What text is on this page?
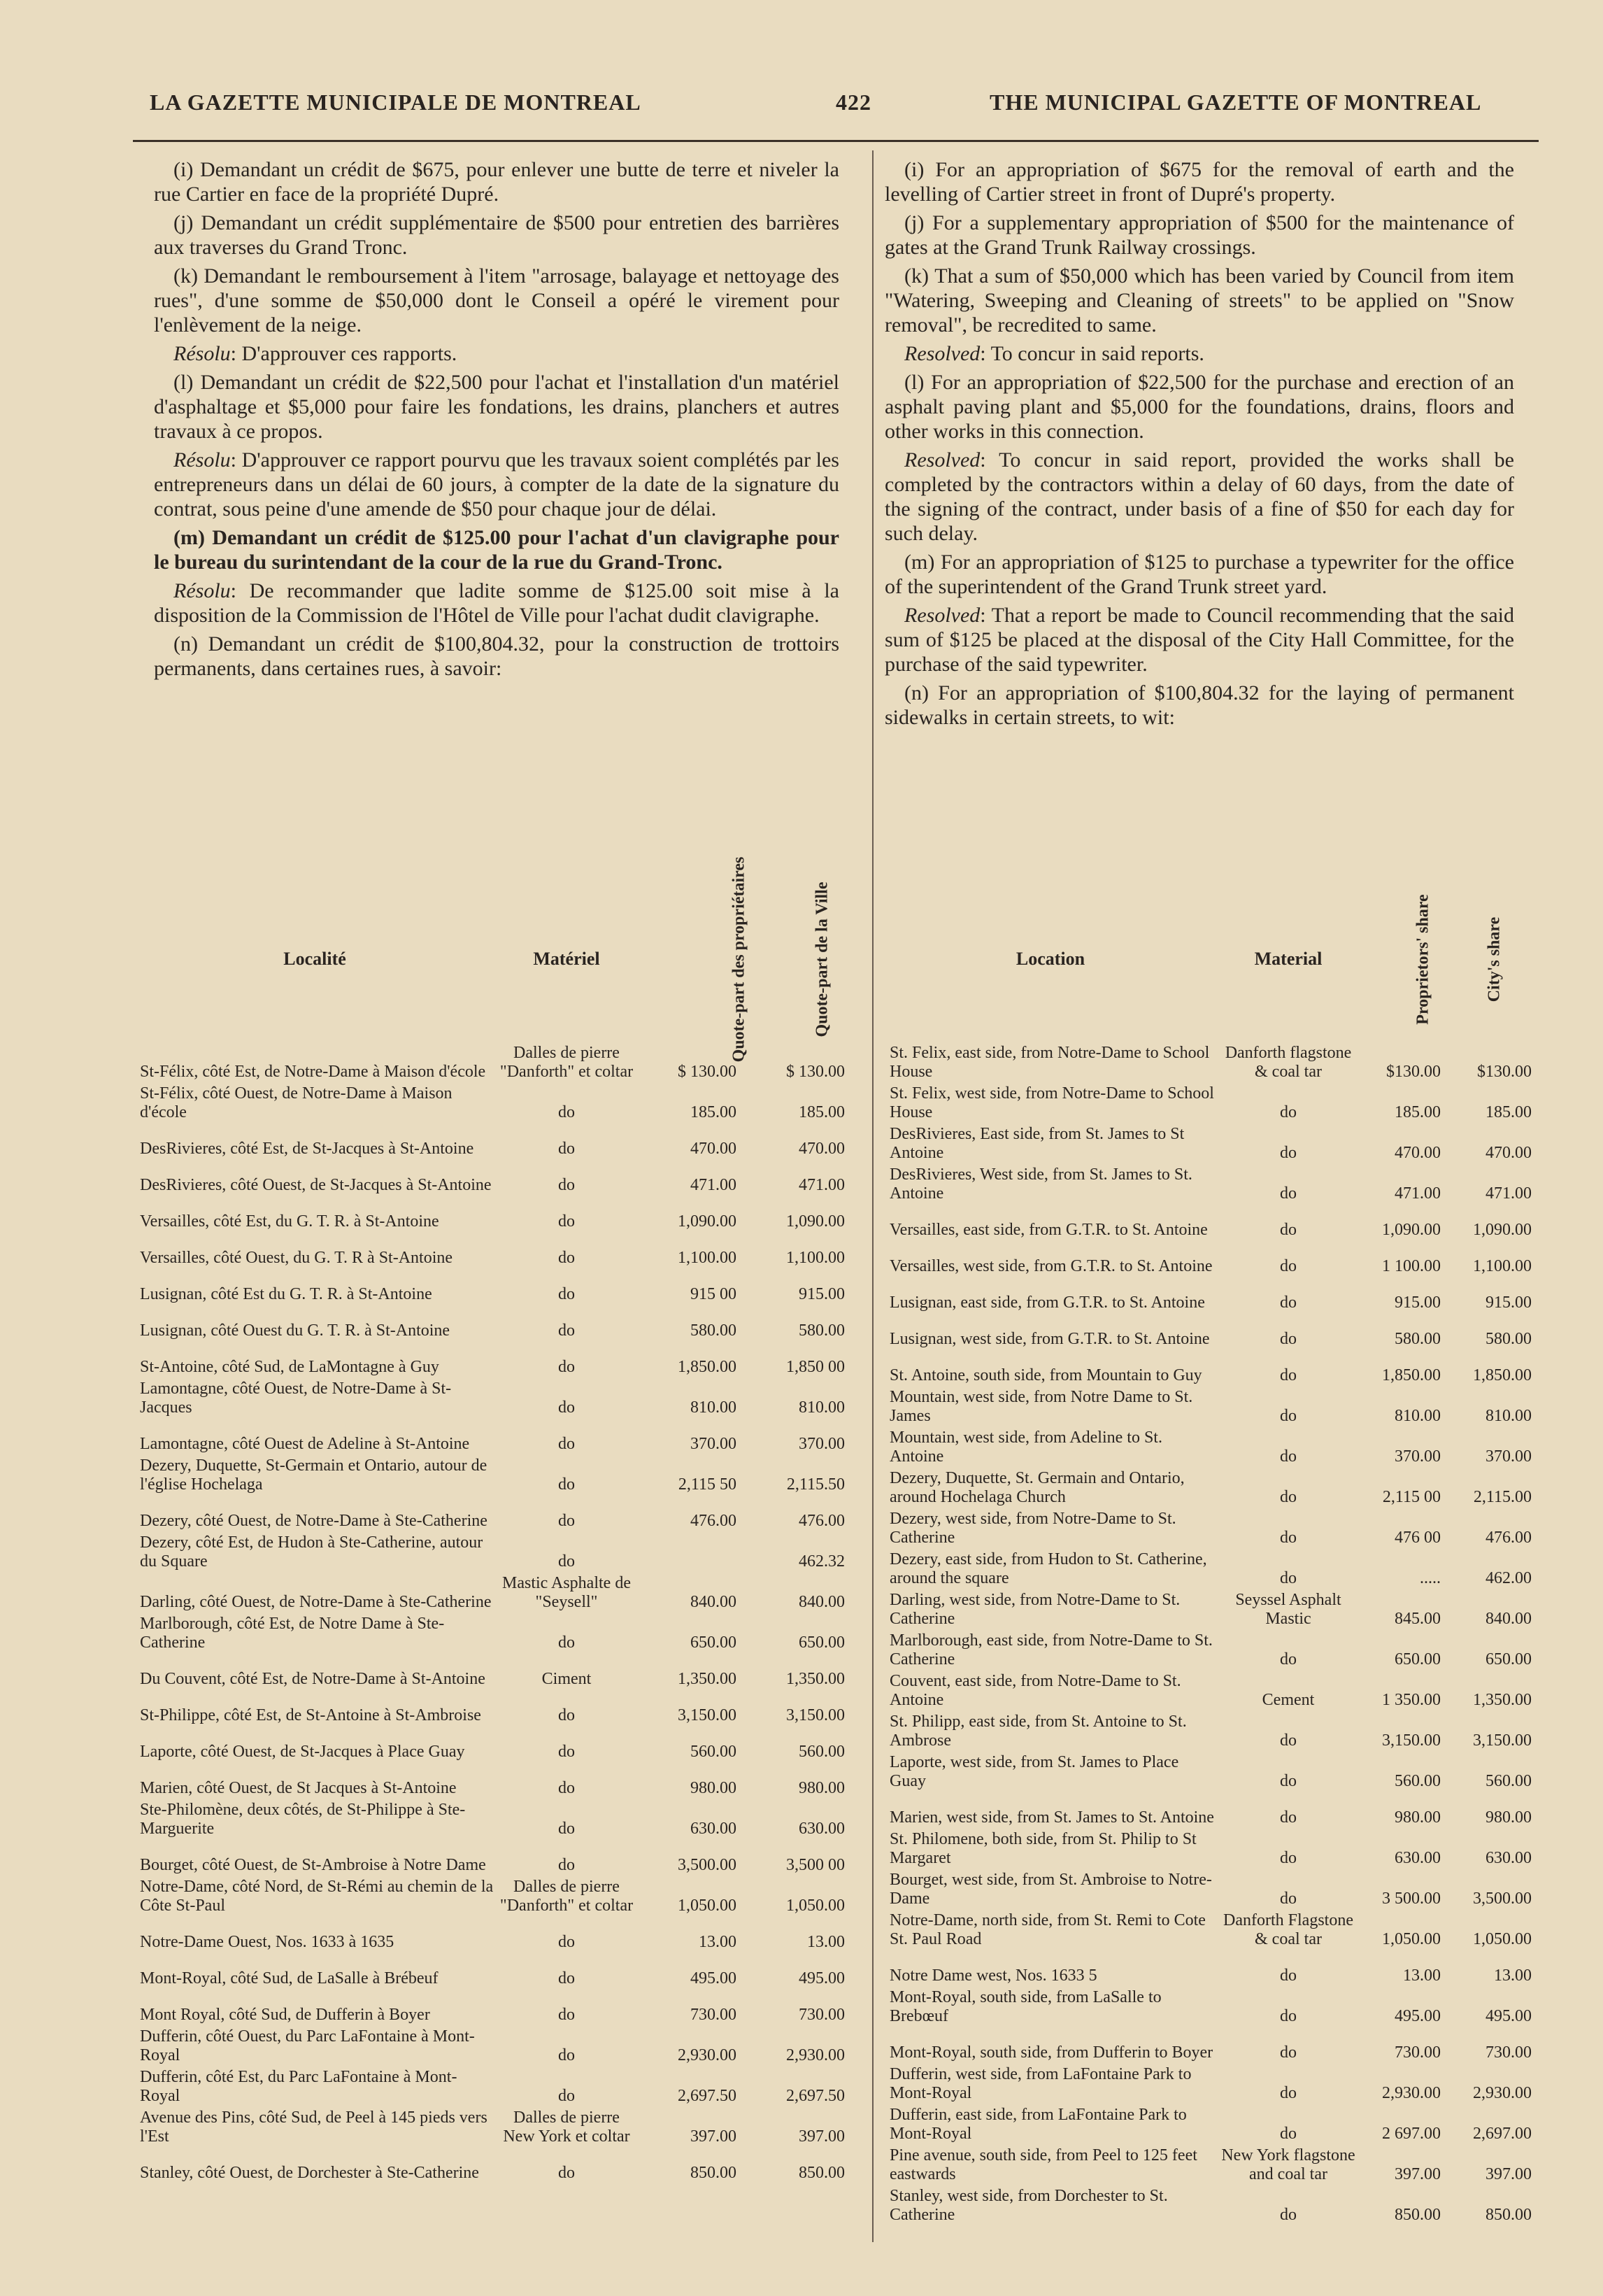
LA GAZETTE MUNICIPALE DE MONTREAL	422	THE MUNICIPAL GAZETTE OF MONTREAL

(i) Demandant un crédit de $675, pour enlever une butte de terre et niveler la rue Cartier en face de la propriété Dupré.

(j) Demandant un crédit supplémentaire de $500 pour entretien des barrières aux traverses du Grand Tronc.

(k) Demandant le remboursement à l'item "arrosage, balayage et nettoyage des rues", d'une somme de $50,000 dont le Conseil a opéré le virement pour l'enlèvement de la neige.

Résolu: D'approuver ces rapports.

(l) Demandant un crédit de $22,500 pour l'achat et l'installation d'un matériel d'asphaltage et $5,000 pour faire les fondations, les drains, planchers et autres travaux à ce propos.

Résolu: D'approuver ce rapport pourvu que les travaux soient complétés par les entrepreneurs dans un délai de 60 jours, à compter de la date de la signature du contrat, sous peine d'une amende de $50 pour chaque jour de délai.

(m) Demandant un crédit de $125.00 pour l'achat d'un clavigraphe pour le bureau du surintendant de la cour de la rue du Grand-Tronc.

Résolu: De recommander que ladite somme de $125.00 soit mise à la disposition de la Commission de l'Hôtel de Ville pour l'achat dudit clavigraphe.

(n) Demandant un crédit de $100,804.32, pour la construction de trottoirs permanents, dans certaines rues, à savoir:

(i) For an appropriation of $675 for the removal of earth and the levelling of Cartier street in front of Dupré's property.

(j) For a supplementary appropriation of $500 for the maintenance of gates at the Grand Trunk Railway crossings.

(k) That a sum of $50,000 which has been varied by Council from item "Watering, Sweeping and Cleaning of streets" to be applied on "Snow removal", be recredited to same.

Resolved: To concur in said reports.

(l) For an appropriation of $22,500 for the purchase and erection of an asphalt paving plant and $5,000 for the foundations, drains, floors and other works in this connection.

Resolved: To concur in said report, provided the works shall be completed by the contractors within a delay of 60 days, from the date of the signing of the contract, under basis of a fine of $50 for each day for such delay.

(m) For an appropriation of $125 to purchase a typewriter for the office of the superintendent of the Grand Trunk street yard.

Resolved: That a report be made to Council recommending that the said sum of $125 be placed at the disposal of the City Hall Committee, for the purchase of the said typewriter.

(n) For an appropriation of $100,804.32 for the laying of permanent sidewalks in certain streets, to wit:

Localité	Matériel	Quote-part des propriétaires	Quote-part de la Ville
St-Félix, côté Est, de Notre-Dame à Maison d'école	Dalles de pierre "Danforth" et coltar	$ 130.00	$ 130.00
St-Félix, côté Ouest, de Notre-Dame à Maison d'école	do	185.00	185.00
DesRivieres, côté Est, de St-Jacques à St-Antoine	do	470.00	470.00
DesRivieres, côté Ouest, de St-Jacques à St-Antoine	do	471.00	471.00
Versailles, côté Est, du G. T. R. à St-Antoine	do	1,090.00	1,090.00
Versailles, côté Ouest, du G. T. R à St-Antoine	do	1,100.00	1,100.00
Lusignan, côté Est du G. T. R. à St-Antoine	do	915 00	915.00
Lusignan, côté Ouest du G. T. R. à St-Antoine	do	580.00	580.00
St-Antoine, côté Sud, de LaMontagne à Guy	do	1,850.00	1,850 00
Lamontagne, côté Ouest, de Notre-Dame à St-Jacques	do	810.00	810.00
Lamontagne, côté Ouest de Adeline à St-Antoine	do	370.00	370.00
Dezery, Duquette, St-Germain et Ontario, autour de l'église Hochelaga	do	2,115 50	2,115.50
Dezery, côté Ouest, de Notre-Dame à Ste-Catherine	do	476.00	476.00
Dezery, côté Est, de Hudon à Ste-Catherine, autour du Square	do		462.32
Darling, côté Ouest, de Notre-Dame à Ste-Catherine	Mastic Asphalte de "Seysell"	840.00	840.00
Marlborough, côté Est, de Notre Dame à Ste-Catherine	do	650.00	650.00
Du Couvent, côté Est, de Notre-Dame à St-Antoine	Ciment	1,350.00	1,350.00
St-Philippe, côté Est, de St-Antoine à St-Ambroise	do	3,150.00	3,150.00
Laporte, côté Ouest, de St-Jacques à Place Guay	do	560.00	560.00
Marien, côté Ouest, de St Jacques à St-Antoine	do	980.00	980.00
Ste-Philomène, deux côtés, de St-Philippe à Ste-Marguerite	do	630.00	630.00
Bourget, côté Ouest, de St-Ambroise à Notre Dame	do	3,500.00	3,500 00
Notre-Dame, côté Nord, de St-Rémi au chemin de la Côte St-Paul	Dalles de pierre "Danforth" et coltar	1,050.00	1,050.00
Notre-Dame Ouest, Nos. 1633 à 1635	do	13.00	13.00
Mont-Royal, côté Sud, de LaSalle à Brébeuf	do	495.00	495.00
Mont Royal, côté Sud, de Dufferin à Boyer	do	730.00	730.00
Dufferin, côté Ouest, du Parc LaFontaine à Mont-Royal	do	2,930.00	2,930.00
Dufferin, côté Est, du Parc LaFontaine à Mont-Royal	do	2,697.50	2,697.50
Avenue des Pins, côté Sud, de Peel à 145 pieds vers l'Est	Dalles de pierre New York et coltar	397.00	397.00
Stanley, côté Ouest, de Dorchester à Ste-Catherine	do	850.00	850.00
Location	Material	Proprietors' share	City's share
St. Felix, east side, from Notre-Dame to School House	Danforth flagstone & coal tar	$130.00	$130.00
St. Felix, west side, from Notre-Dame to School House	do	185.00	185.00
DesRivieres, East side, from St. James to St Antoine	do	470.00	470.00
DesRivieres, West side, from St. James to St. Antoine	do	471.00	471.00
Versailles, east side, from G.T.R. to St. Antoine	do	1,090.00	1,090.00
Versailles, west side, from G.T.R. to St. Antoine	do	1 100.00	1,100.00
Lusignan, east side, from G.T.R. to St. Antoine	do	915.00	915.00
Lusignan, west side, from G.T.R. to St. Antoine	do	580.00	580.00
St. Antoine, south side, from Mountain to Guy	do	1,850.00	1,850.00
Mountain, west side, from Notre Dame to St. James	do	810.00	810.00
Mountain, west side, from Adeline to St. Antoine	do	370.00	370.00
Dezery, Duquette, St. Germain and Ontario, around Hochelaga Church	do	2,115 00	2,115.00
Dezery, west side, from Notre-Dame to St. Catherine	do	476 00	476.00
Dezery, east side, from Hudon to St. Catherine, around the square	do	.....	462.00
Darling, west side, from Notre-Dame to St. Catherine	Seyssel Asphalt Mastic	845.00	840.00
Marlborough, east side, from Notre-Dame to St. Catherine	do	650.00	650.00
Couvent, east side, from Notre-Dame to St. Antoine	Cement	1 350.00	1,350.00
St. Philipp, east side, from St. Antoine to St. Ambrose	do	3,150.00	3,150.00
Laporte, west side, from St. James to Place Guay	do	560.00	560.00
Marien, west side, from St. James to St. Antoine	do	980.00	980.00
St. Philomene, both side, from St. Philip to St Margaret	do	630.00	630.00
Bourget, west side, from St. Ambroise to Notre-Dame	do	3 500.00	3,500.00
Notre-Dame, north side, from St. Remi to Cote St. Paul Road	Danforth Flagstone & coal tar	1,050.00	1,050.00
Notre Dame west, Nos. 1633 5	do	13.00	13.00
Mont-Royal, south side, from LaSalle to Brebœuf	do	495.00	495.00
Mont-Royal, south side, from Dufferin to Boyer	do	730.00	730.00
Dufferin, west side, from LaFontaine Park to Mont-Royal	do	2,930.00	2,930.00
Dufferin, east side, from LaFontaine Park to Mont-Royal	do	2 697.00	2,697.00
Pine avenue, south side, from Peel to 125 feet eastwards	New York flagstone and coal tar	397.00	397.00
Stanley, west side, from Dorchester to St. Catherine	do	850.00	850.00
